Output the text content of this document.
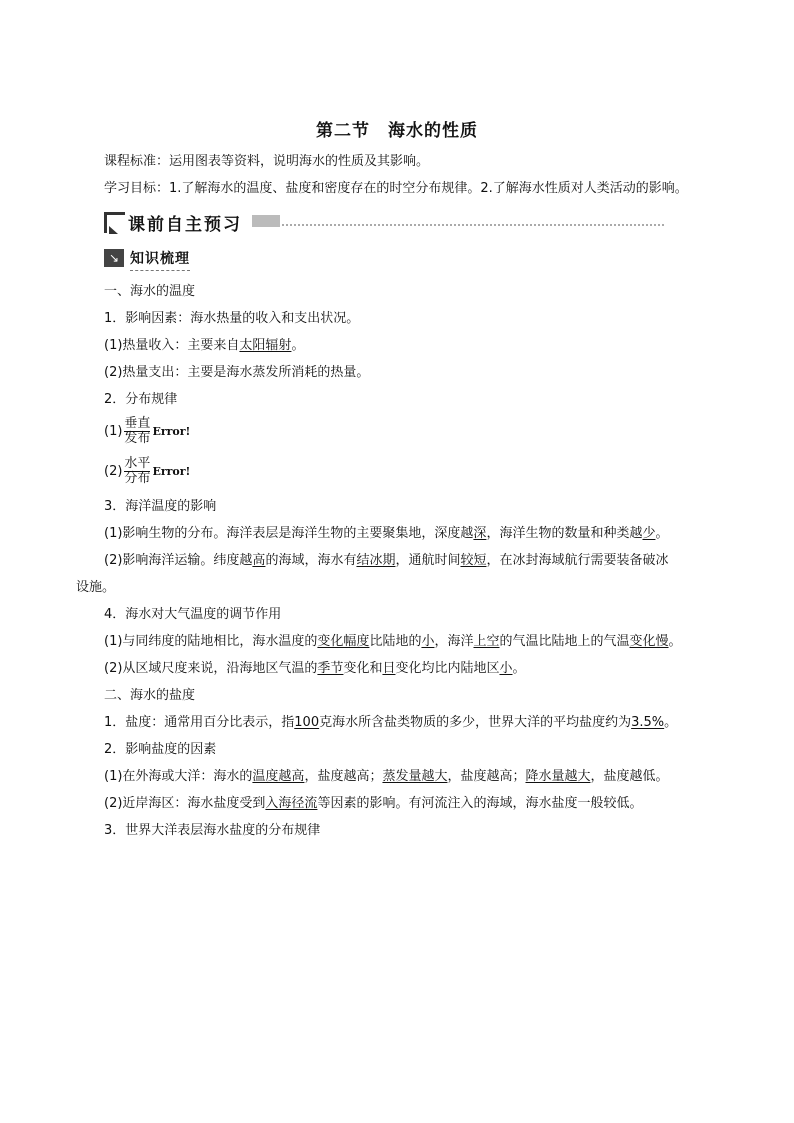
第二节　海水的性质
课程标准：运用图表等资料，说明海水的性质及其影响。
学习目标：1.了解海水的温度、盐度和密度存在的时空分布规律。2.了解海水性质对人类活动的影响。
课前自主预习
↘ 知识梳理
一、海水的温度
1．影响因素：海水热量的收入和支出状况。
(1)热量收入：主要来自太阳辐射。
(2)热量支出：主要是海水蒸发所消耗的热量。
2．分布规律
$(1) \frac{\text{垂直}}{\text{发布}}$ Error!
$(2) \frac{\text{水平}}{\text{分布}}$ Error!
3．海洋温度的影响
(1)影响生物的分布。海洋表层是海洋生物的主要聚集地，深度越深，海洋生物的数量和种类越少。
(2)影响海洋运输。纬度越高的海域，海水有结冰期，通航时间较短，在冰封海域航行需要装备破冰
设施。
4．海水对大气温度的调节作用
(1)与同纬度的陆地相比，海水温度的变化幅度比陆地的小，海洋上空的气温比陆地上的气温变化慢。
(2)从区域尺度来说，沿海地区气温的季节变化和日变化均比内陆地区小。
二、海水的盐度
1．盐度：通常用百分比表示，指100克海水所含盐类物质的多少，世界大洋的平均盐度约为3.5%。
2．影响盐度的因素
(1)在外海或大洋：海水的温度越高，盐度越高；蒸发量越大，盐度越高；降水量越大，盐度越低。
(2)近岸海区：海水盐度受到入海径流等因素的影响。有河流注入的海域，海水盐度一般较低。
3．世界大洋表层海水盐度的分布规律
